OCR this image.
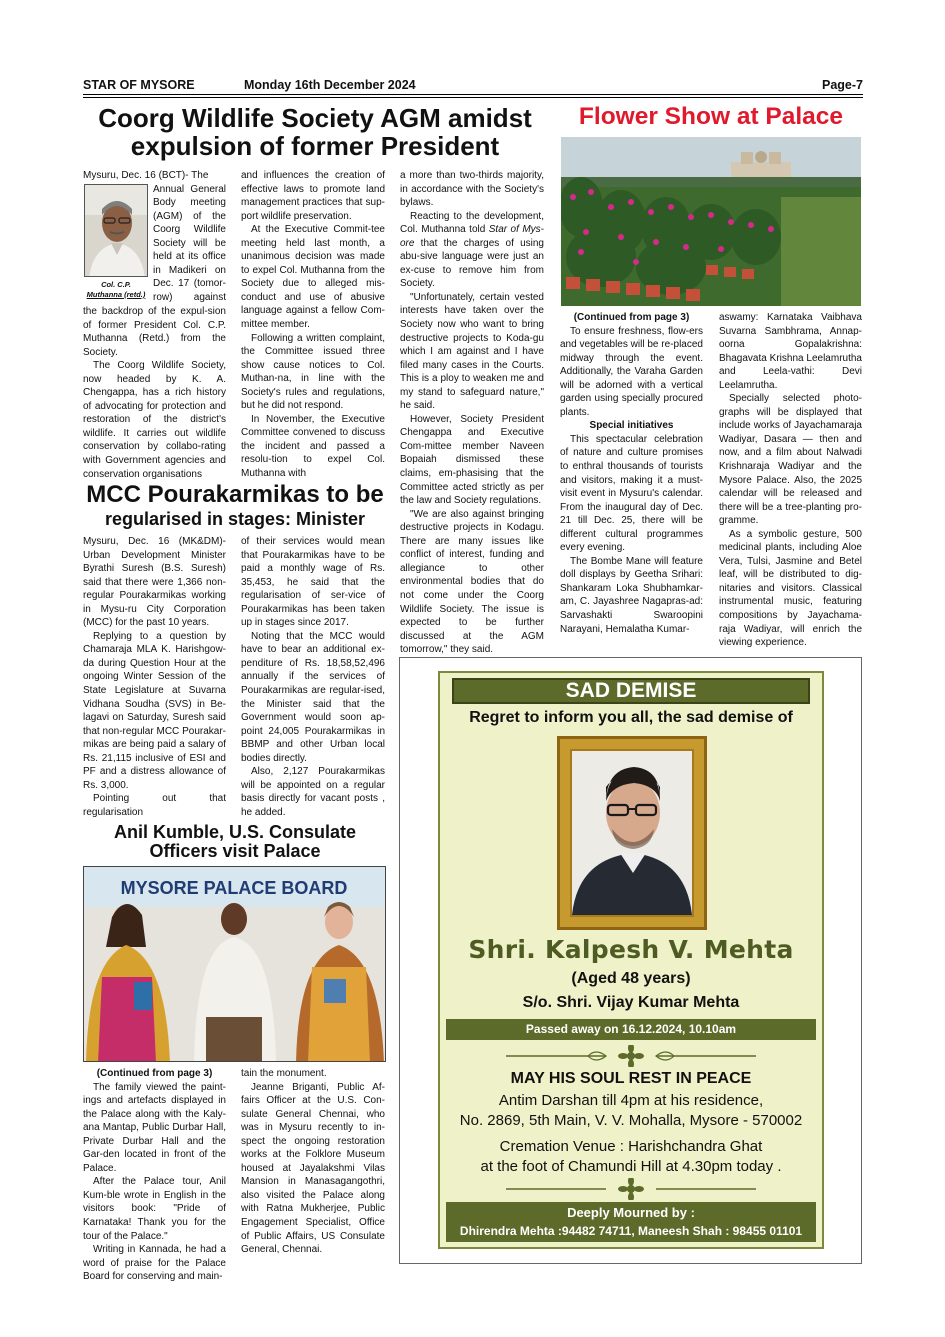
STAR OF MYSORE	Monday 16th December 2024	Page-7
Coorg Wildlife Society AGM amidst
expulsion of former President
Col. C.P.
Muthanna (retd.)
Mysuru, Dec. 16 (BCT)- The
Annual General
Body meeting
(AGM) of the
Coorg Wildlife
Society will be
held at its office
in Madikeri on
Dec. 17 (tomor-
row) against

the backdrop of the expul-sion of former President Col. C.P. Muthanna (Retd.) from the Society.

The Coorg Wildlife Society, now headed by K. A. Chengappa, has a rich history of advocating for protection and restoration of the district's wildlife. It carries out wildlife conservation by collabo-rating with Government agencies and conservation organisations

and influences the creation of effective laws to promote land management practices that sup-port wildlife preservation.

At the Executive Commit-tee meeting held last month, a unanimous decision was made to expel Col. Muthanna from the Society due to alleged mis-conduct and use of abusive language against a fellow Com-mittee member.

Following a written complaint, the Committee issued three show cause notices to Col. Muthan-na, in line with the Society's rules and regulations, but he did not respond.

In November, the Executive Committee convened to discuss the incident and passed a resolu-tion to expel Col. Muthanna with

a more than two-thirds majority, in accordance with the Society's bylaws.

Reacting to the development, Col. Muthanna told Star of Mys-ore that the charges of using abu-sive language were just an ex-cuse to remove him from Society.

"Unfortunately, certain vested interests have taken over the Society now who want to bring destructive projects to Koda-gu which I am against and I have filed many cases in the Courts. This is a ploy to weaken me and my stand to safeguard nature," he said.

However, Society President Chengappa and Executive Com-mittee member Naveen Bopaiah dismissed these claims, em-phasising that the Committee acted strictly as per the law and Society regulations.

"We are also against bringing destructive projects in Kodagu. There are many issues like conflict of interest, funding and allegiance to other environmental bodies that do not come under the Coorg Wildlife Society. The issue is expected to be further discussed at the AGM tomorrow," they said.

Flower Show at Palace

(Continued from page 3)

To ensure freshness, flow-ers and vegetables will be re-placed midway through the event. Additionally, the Varaha Garden will be adorned with a vertical garden using specially procured plants.

Special initiatives

This spectacular celebration of nature and culture promises to enthral thousands of tourists and visitors, making it a must-visit event in Mysuru's calendar. From the inaugural day of Dec. 21 till Dec. 25, there will be different cultural programmes every evening.

The Bombe Mane will feature doll displays by Geetha Srihari: Shankaram Loka Shubhamkar-am, C. Jayashree Nagapras-ad: Sarvashakti Swaroopini Narayani, Hemalatha Kumar-

aswamy: Karnataka Vaibhava Suvarna Sambhrama, Annap-oorna Gopalakrishna: Bhagavata Krishna Leelamrutha and Leela-vathi: Devi Leelamrutha.

Specially selected photo-graphs will be displayed that include works of Jayachamaraja Wadiyar, Dasara — then and now, and a film about Nalwadi Krishnaraja Wadiyar and the Mysore Palace. Also, the 2025 calendar will be released and there will be a tree-planting pro-gramme.

As a symbolic gesture, 500 medicinal plants, including Aloe Vera, Tulsi, Jasmine and Betel leaf, will be distributed to dig-nitaries and visitors. Classical instrumental music, featuring compositions by Jayachama-raja Wadiyar, will enrich the viewing experience.

MCC Pourakarmikas to be
regularised in stages: Minister

Mysuru, Dec. 16 (MK&DM)- Urban Development Minister Byrathi Suresh (B.S. Suresh) said that there were 1,366 non-regular Pourakarmikas working in Mysu-ru City Corporation (MCC) for the past 10 years.

Replying to a question by Chamaraja MLA K. Harishgow-da during Question Hour at the ongoing Winter Session of the State Legislature at Suvarna Vidhana Soudha (SVS) in Be-lagavi on Saturday, Suresh said that non-regular MCC Pourakar-mikas are being paid a salary of Rs. 21,115 inclusive of ESI and PF and a distress allowance of Rs. 3,000.

Pointing out that regularisation

of their services would mean that Pourakarmikas have to be paid a monthly wage of Rs. 35,453, he said that the regularisation of ser-vice of Pourakarmikas has been taken up in stages since 2017.

Noting that the MCC would have to bear an additional ex-penditure of Rs. 18,58,52,496 annually if the services of Pourakarmikas are regular-ised, the Minister said that the Government would soon ap-point 24,005 Pourakarmikas in BBMP and other Urban local bodies directly.

Also, 2,127 Pourakarmikas will be appointed on a regular basis directly for vacant posts , he added.

Anil Kumble, U.S. Consulate
Officers visit Palace
MYSORE PALACE BOARD

(Continued from page 3)

The family viewed the paint-ings and artefacts displayed in the Palace along with the Kaly-ana Mantap, Public Durbar Hall, Private Durbar Hall and the Gar-den located in front of the Palace.

After the Palace tour, Anil Kum-ble wrote in English in the visitors book: "Pride of Karnataka! Thank you for the tour of the Palace."

Writing in Kannada, he had a word of praise for the Palace Board for conserving and main-

tain the monument.

Jeanne Briganti, Public Af-fairs Officer at the U.S. Con-sulate General Chennai, who was in Mysuru recently to in-spect the ongoing restoration works at the Folklore Museum housed at Jayalakshmi Vilas Mansion in Manasagangothri, also visited the Palace along with Ratna Mukherjee, Public Engagement Specialist, Office of Public Affairs, US Consulate General, Chennai.

SAD DEMISE
Regret to inform you all, the sad demise of
Shri. Kalpesh V. Mehta
(Aged 48 years)
S/o. Shri. Vijay Kumar Mehta
Passed away on 16.12.2024, 10.10am
MAY HIS SOUL REST IN PEACE
Antim Darshan till 4pm at his residence,
No. 2869, 5th Main, V. V. Mohalla, Mysore - 570002
Cremation Venue : Harishchandra Ghat
at the foot of Chamundi Hill at 4.30pm today .
Deeply Mourned by :
Dhirendra Mehta :94482 74711, Maneesh Shah : 98455 01101
